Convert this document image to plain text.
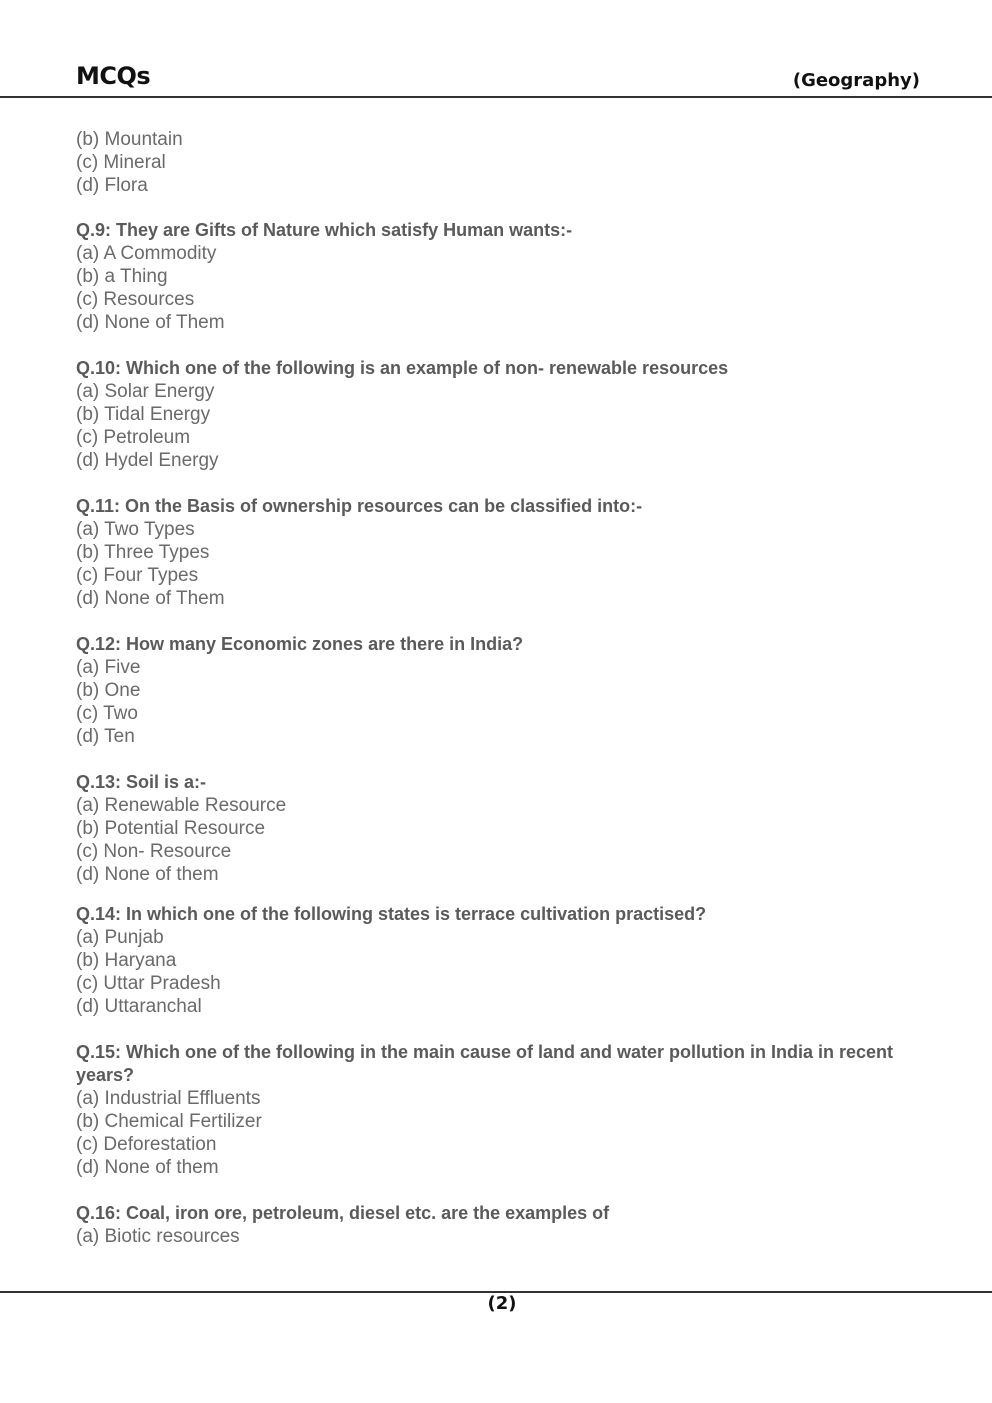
MCQs	(Geography)
(b) Mountain
(c) Mineral
(d) Flora
Q.9: They are Gifts of Nature which satisfy Human wants:-
(a) A Commodity
(b) a Thing
(c) Resources
(d) None of Them
Q.10: Which one of the following is an example of non- renewable resources
(a) Solar Energy
(b) Tidal Energy
(c) Petroleum
(d) Hydel Energy
Q.11: On the Basis of ownership resources can be classified into:-
(a) Two Types
(b) Three Types
(c) Four Types
(d) None of Them
Q.12: How many Economic zones are there in India?
(a) Five
(b) One
(c) Two
(d) Ten
Q.13: Soil is a:-
(a) Renewable Resource
(b) Potential Resource
(c) Non- Resource
(d) None of them
Q.14: In which one of the following states is terrace cultivation practised?
(a) Punjab
(b) Haryana
(c) Uttar Pradesh
(d) Uttaranchal
Q.15: Which one of the following in the main cause of land and water pollution in India in recent years?
(a) Industrial Effluents
(b) Chemical Fertilizer
(c) Deforestation
(d) None of them
Q.16: Coal, iron ore, petroleum, diesel etc. are the examples of
(a) Biotic resources
(2)
